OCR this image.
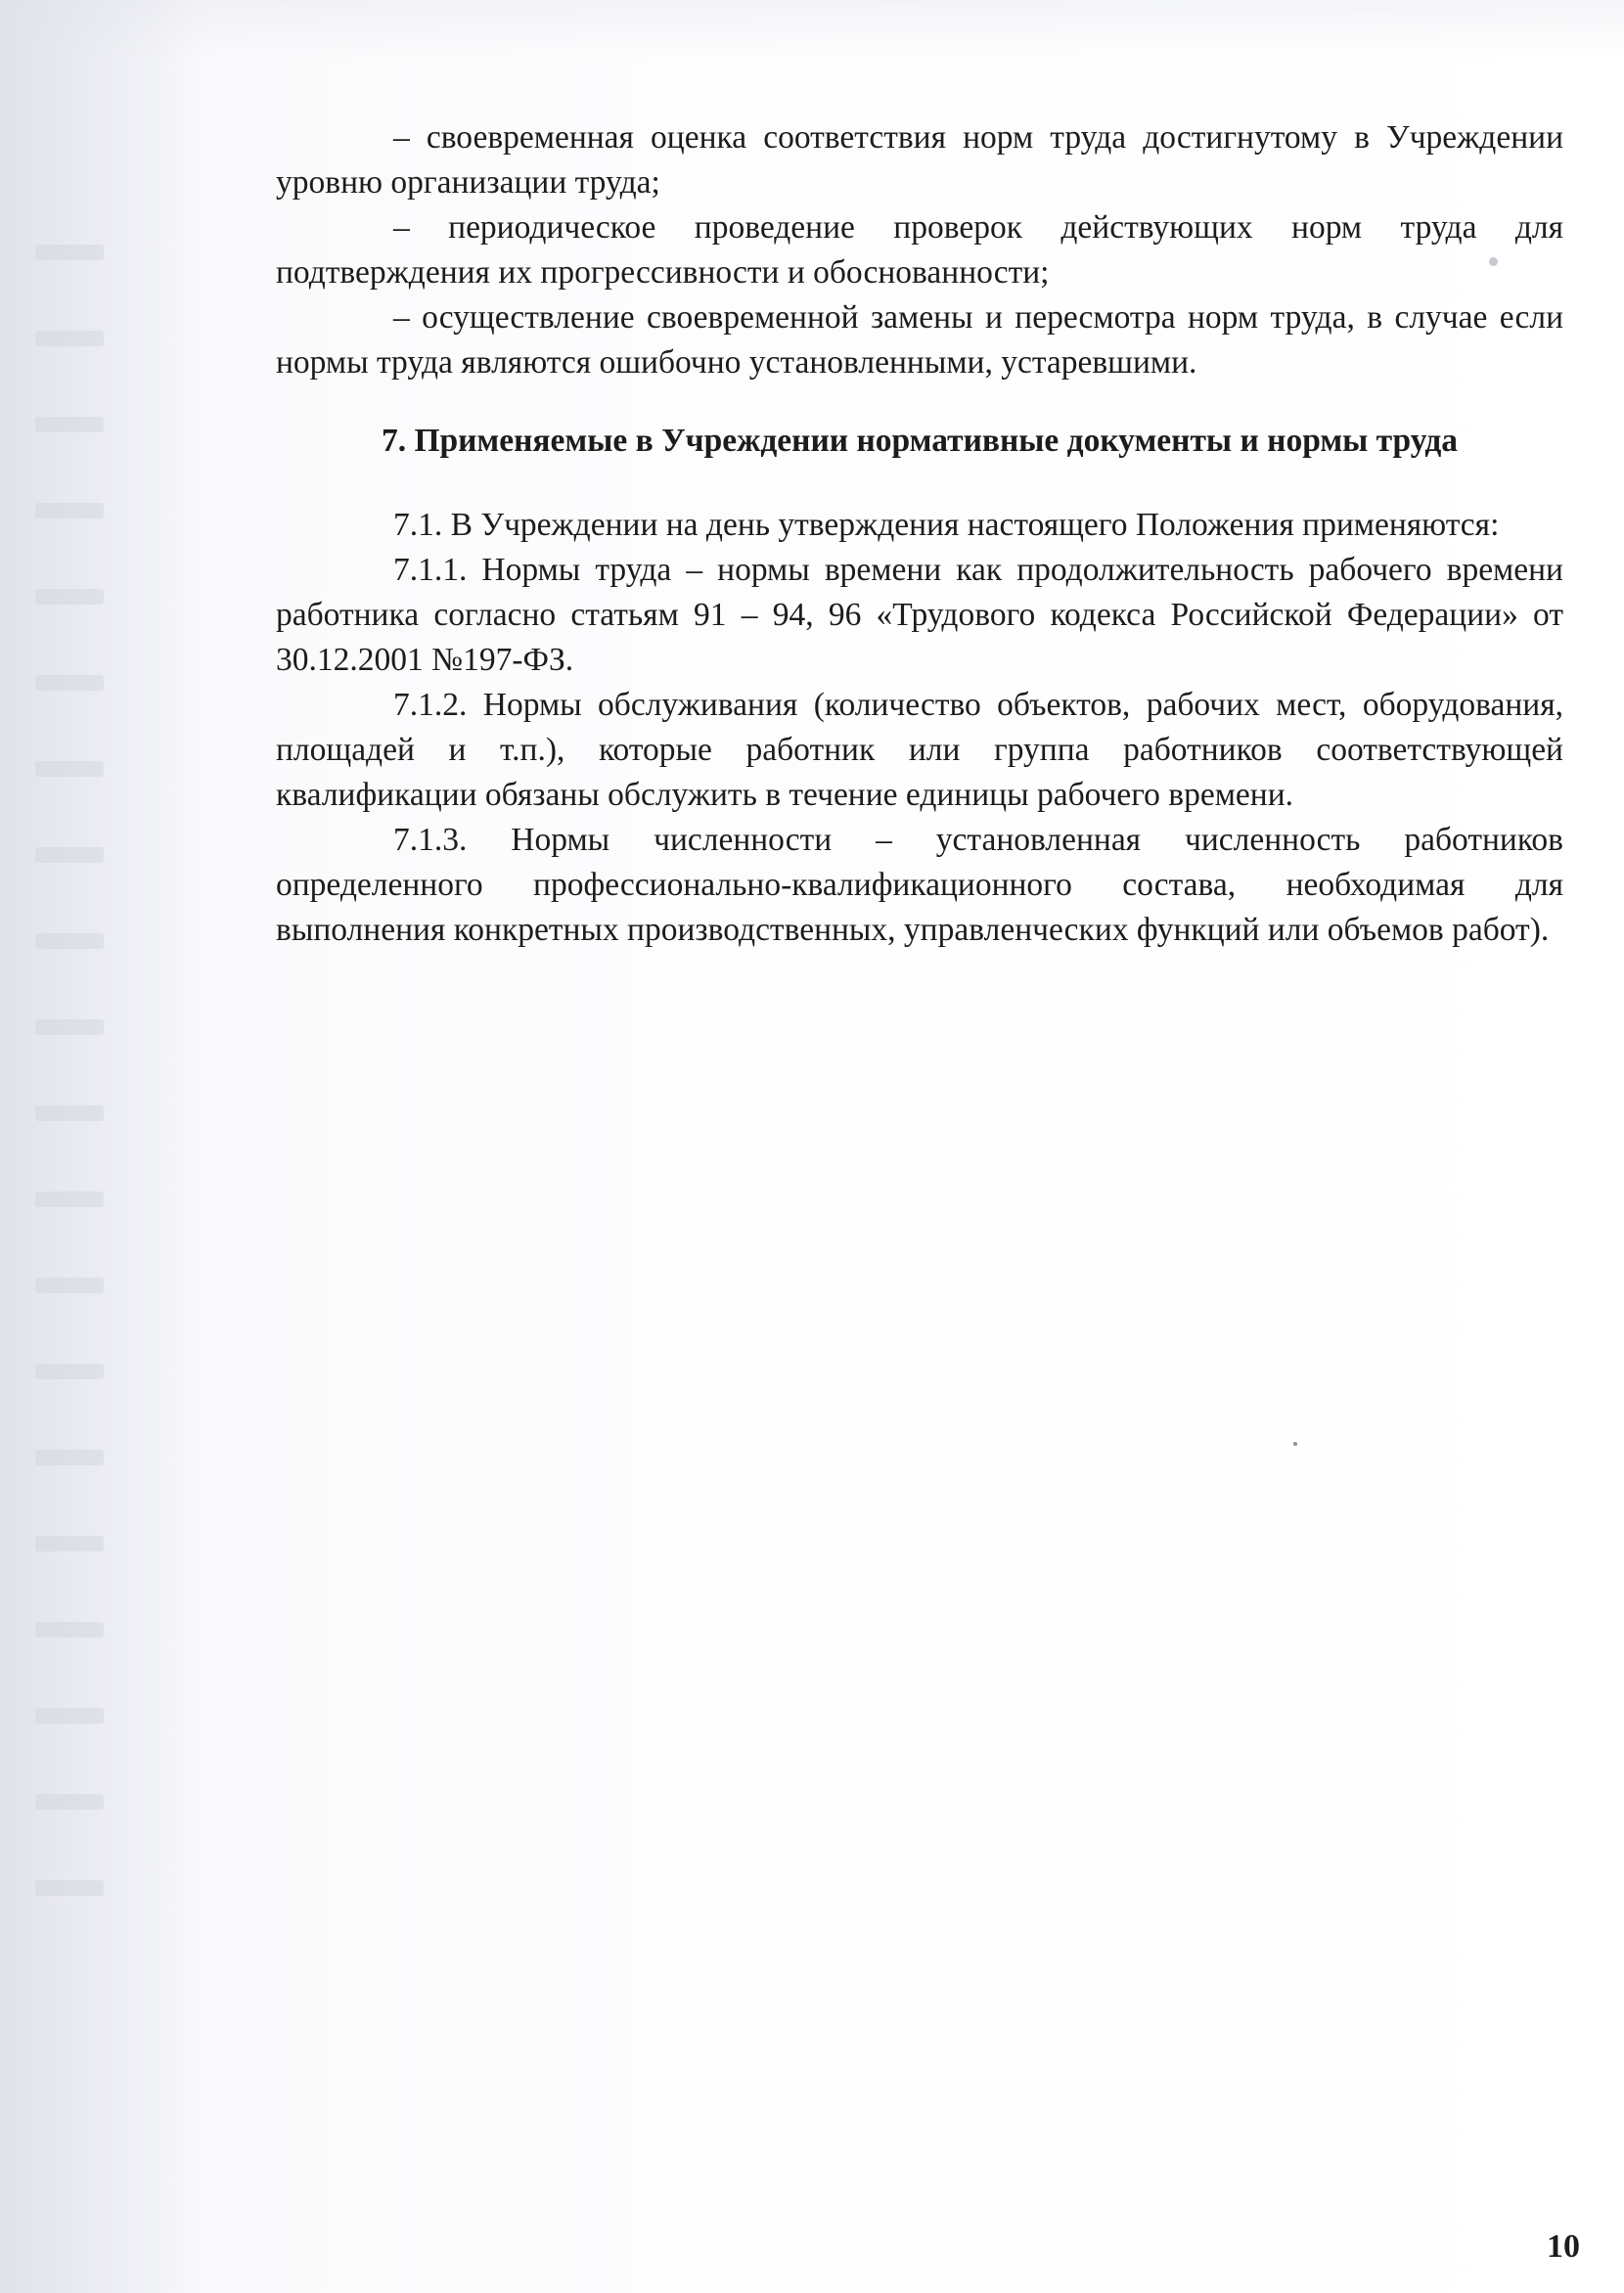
– своевременная оценка соответствия норм труда достигнутому в Учреждении уровню организации труда;

– периодическое проведение проверок действующих норм труда для подтверждения их прогрессивности и обоснованности;

– осуществление своевременной замены и пересмотра норм труда, в случае если нормы труда являются ошибочно установленными, устаревшими.

7. Применяемые в Учреждении нормативные документы и нормы труда

7.1. В Учреждении на день утверждения настоящего Положения применяются:

7.1.1. Нормы труда – нормы времени как продолжительность рабочего времени работника согласно статьям 91 – 94, 96 «Трудового кодекса Российской Федерации» от 30.12.2001 №197-ФЗ.

7.1.2. Нормы обслуживания (количество объектов, рабочих мест, оборудования, площадей и т.п.), которые работник или группа работников соответствующей квалификации обязаны обслужить в течение единицы рабочего времени.

7.1.3. Нормы численности – установленная численность работников определенного профессионально-квалификационного состава, необходимая для выполнения конкретных производственных, управленческих функций или объемов работ).

10
